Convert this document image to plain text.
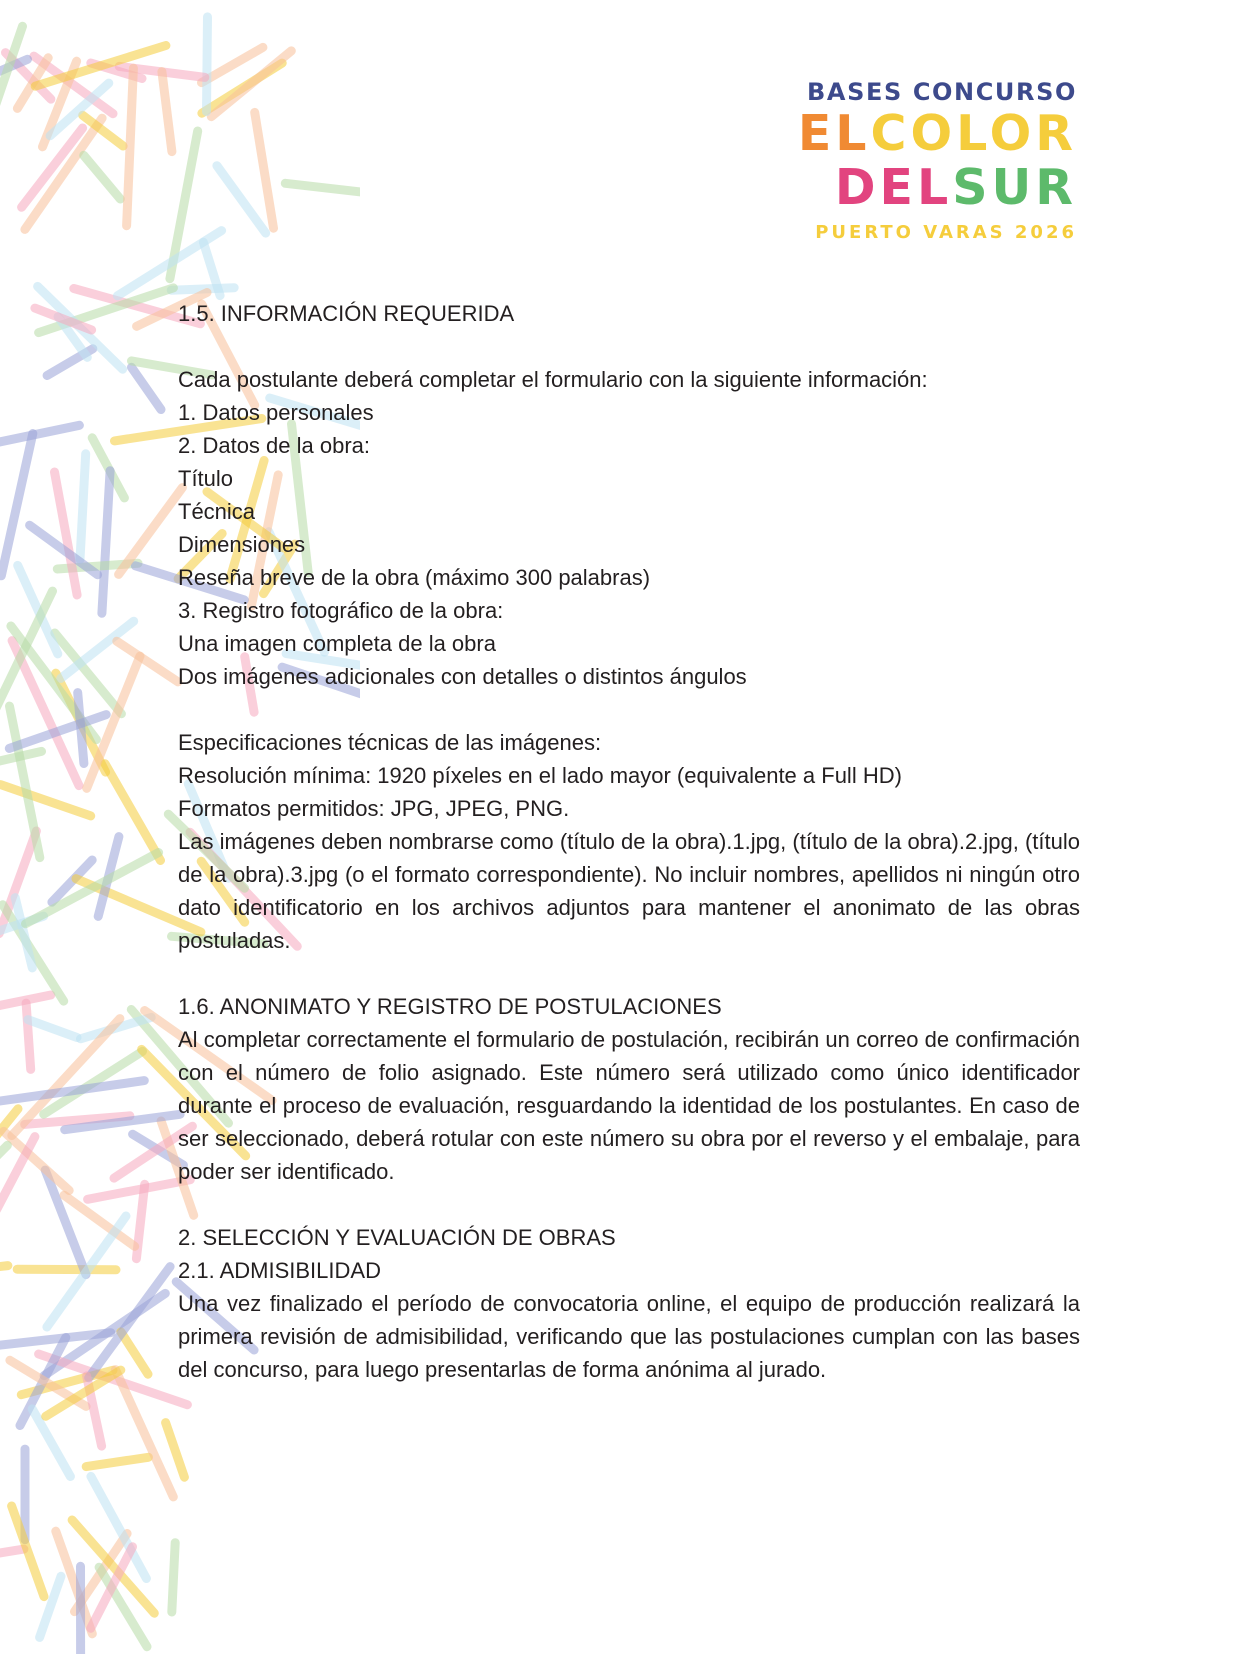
BASES CONCURSO
ELCOLOR
DELSUR
PUERTO VARAS 2026
1.5. INFORMACIÓN REQUERIDA
Cada postulante deberá completar el formulario con la siguiente información:
1. Datos personales
2. Datos de la obra:
Título
Técnica
Dimensiones
Reseña breve de la obra (máximo 300 palabras)
3. Registro fotográfico de la obra:
Una imagen completa de la obra
Dos imágenes adicionales con detalles o distintos ángulos
Especificaciones técnicas de las imágenes:
Resolución mínima: 1920 píxeles en el lado mayor (equivalente a Full HD)
Formatos permitidos: JPG, JPEG, PNG.
Las imágenes deben nombrarse como (título de la obra).1.jpg, (título de la obra).2.jpg, (título de la obra).3.jpg (o el formato correspondiente). No incluir nombres, apellidos ni ningún otro dato identificatorio en los archivos adjuntos para mantener el anonimato de las obras postuladas.
1.6. ANONIMATO Y REGISTRO DE POSTULACIONES
Al completar correctamente el formulario de postulación, recibirán un correo de confirmación con el número de folio asignado. Este número será utilizado como único identificador durante el proceso de evaluación, resguardando la identidad de los postulantes. En caso de ser seleccionado, deberá rotular con este número su obra por el reverso y el embalaje, para poder ser identificado.
2. SELECCIÓN Y EVALUACIÓN DE OBRAS
2.1. ADMISIBILIDAD
Una vez finalizado el período de convocatoria online, el equipo de producción realizará la primera revisión de admisibilidad, verificando que las postulaciones cumplan con las bases del concurso, para luego presentarlas de forma anónima al jurado.
